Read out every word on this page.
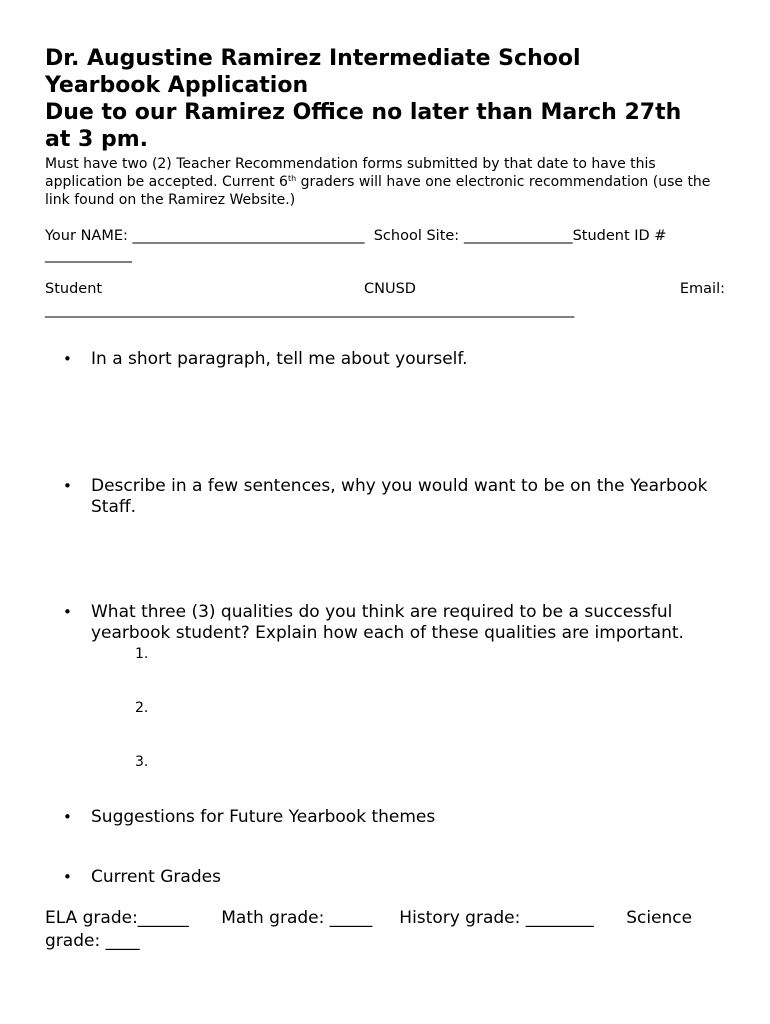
Dr. Augustine Ramirez Intermediate School
Yearbook Application
Due to our Ramirez Office no later than March 27th
at 3 pm.
Must have two (2) Teacher Recommendation forms submitted by that date to have this application be accepted. Current 6th graders will have one electronic recommendation (use the link found on the Ramirez Website.)
Your NAME: ________________________________ School Site: _______________Student ID #
____________
Student	CNUSD	Email:
_________________________________________________________________________
• In a short paragraph, tell me about yourself.
• Describe in a few sentences, why you would want to be on the Yearbook Staff.
• What three (3) qualities do you think are required to be a successful yearbook student? Explain how each of these qualities are important.
1.
2.
3.
• Suggestions for Future Yearbook themes
• Current Grades
ELA grade:______ Math grade: _____ History grade: ________ Science grade: ____
